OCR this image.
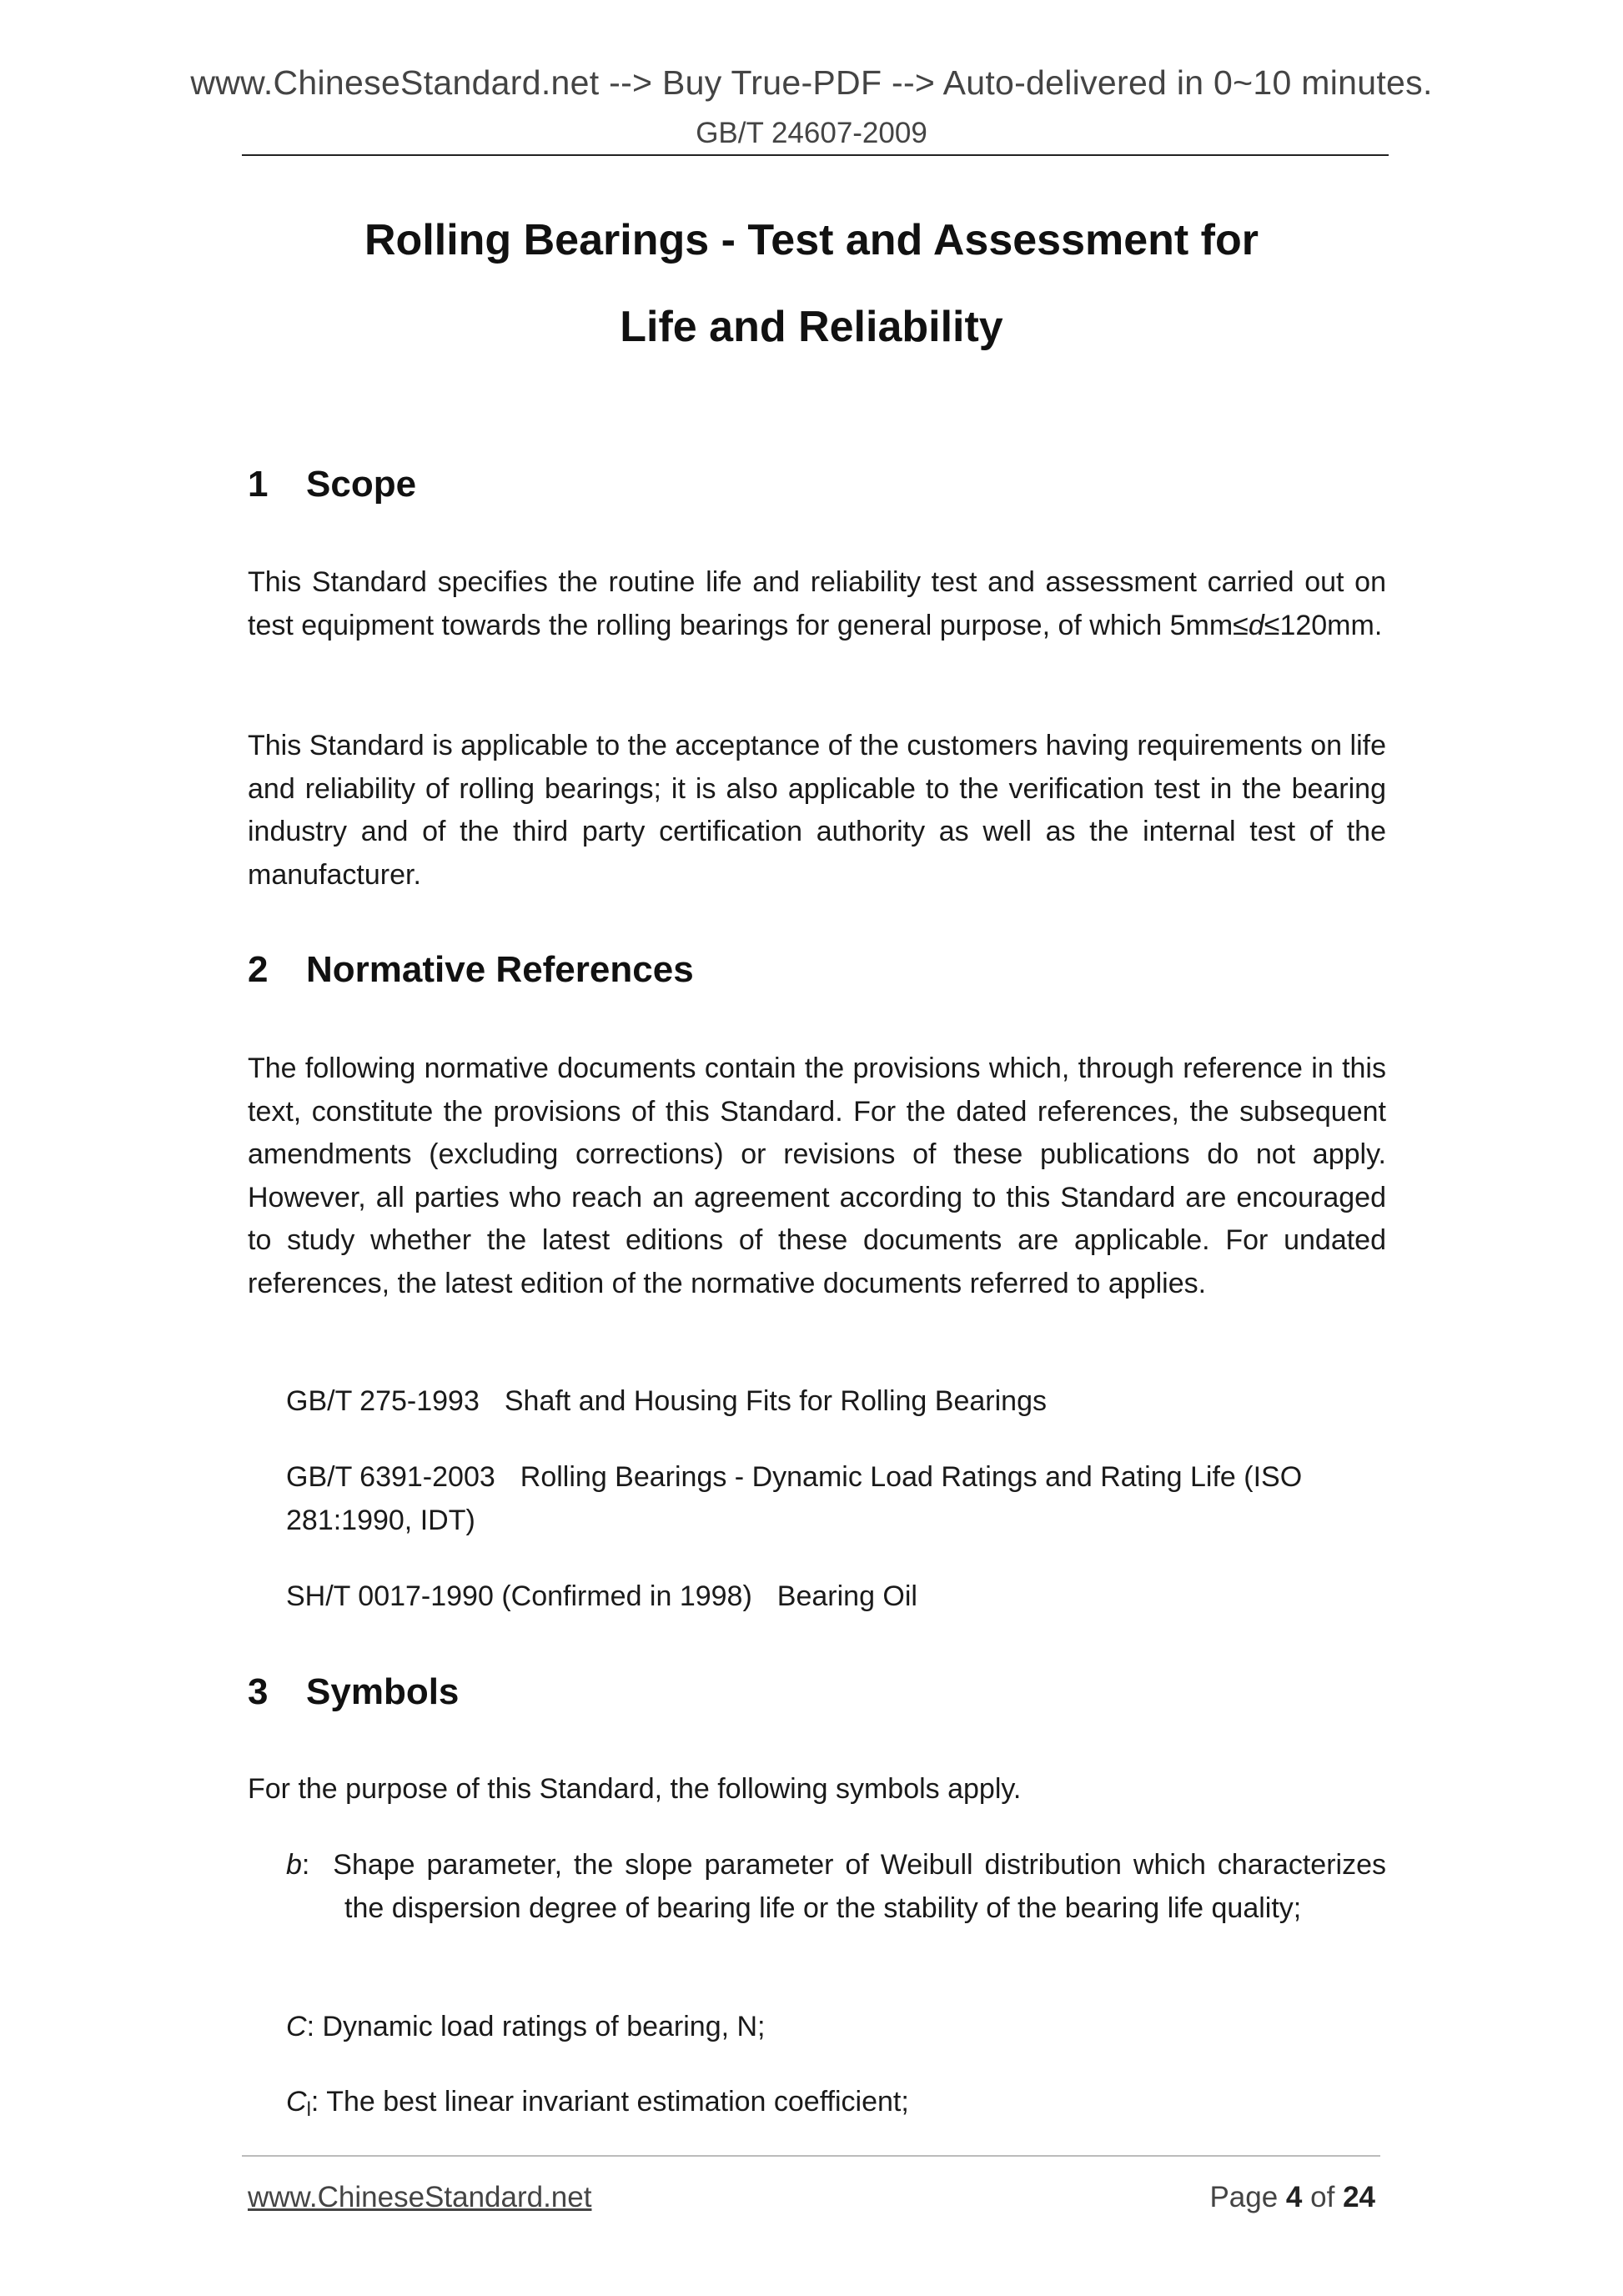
www.ChineseStandard.net --> Buy True-PDF --> Auto-delivered in 0~10 minutes.
GB/T 24607-2009
Rolling Bearings - Test and Assessment for
Life and Reliability
1 Scope
This Standard specifies the routine life and reliability test and assessment carried out on test equipment towards the rolling bearings for general purpose, of which 5mm≤d≤120mm.
This Standard is applicable to the acceptance of the customers having requirements on life and reliability of rolling bearings; it is also applicable to the verification test in the bearing industry and of the third party certification authority as well as the internal test of the manufacturer.
2 Normative References
The following normative documents contain the provisions which, through reference in this text, constitute the provisions of this Standard. For the dated references, the subsequent amendments (excluding corrections) or revisions of these publications do not apply. However, all parties who reach an agreement according to this Standard are encouraged to study whether the latest editions of these documents are applicable. For undated references, the latest edition of the normative documents referred to applies.
GB/T 275-1993 Shaft and Housing Fits for Rolling Bearings
GB/T 6391-2003 Rolling Bearings - Dynamic Load Ratings and Rating Life (ISO 281:1990, IDT)
SH/T 0017-1990 (Confirmed in 1998) Bearing Oil
3 Symbols
For the purpose of this Standard, the following symbols apply.
b:  Shape parameter, the slope parameter of Weibull distribution which characterizes the dispersion degree of bearing life or the stability of the bearing life quality;
C: Dynamic load ratings of bearing, N;
$C_l$: The best linear invariant estimation coefficient;
www.ChineseStandard.net	Page 4 of 24
